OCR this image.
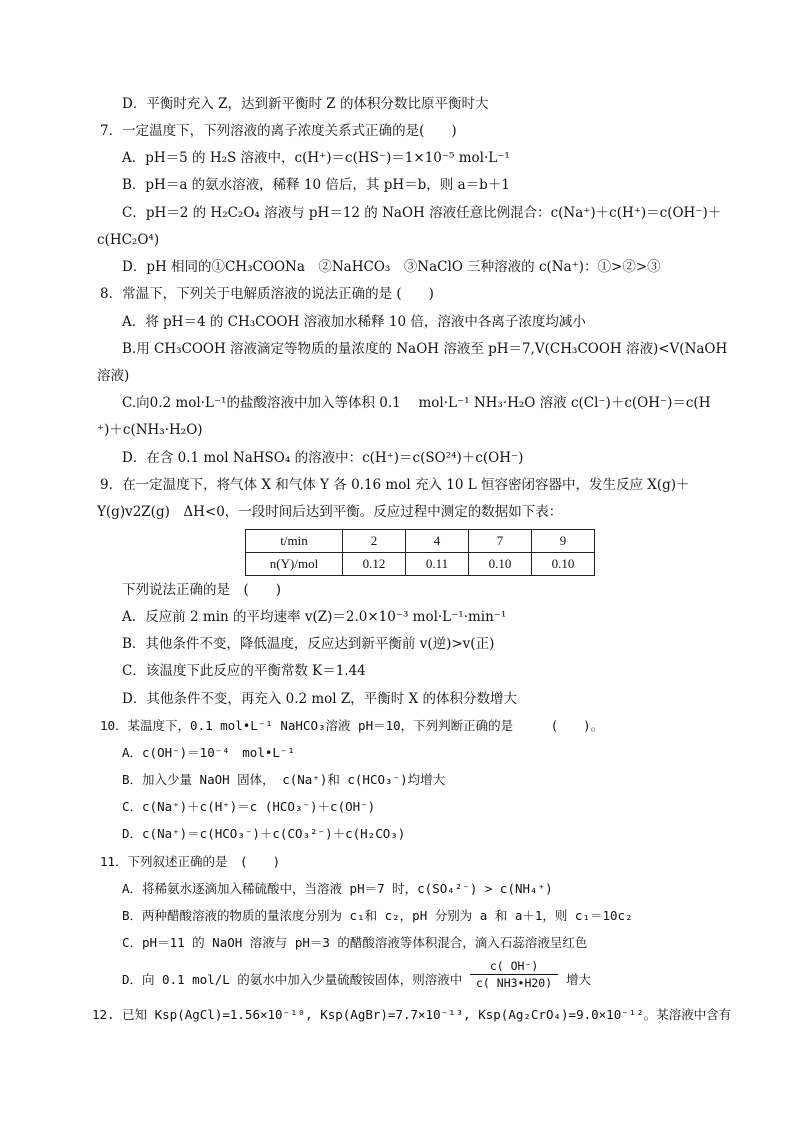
D．平衡时充入 Z，达到新平衡时 Z 的体积分数比原平衡时大
7．一定温度下，下列溶液的离子浓度关系式正确的是(　　)
A．pH＝5 的 H₂S 溶液中，c(H⁺)＝c(HS⁻)＝1×10⁻⁵ mol·L⁻¹
B．pH＝a 的氨水溶液，稀释 10 倍后，其 pH＝b，则 a＝b＋1
C．pH＝2 的 H₂C₂O₄ 溶液与 pH＝12 的 NaOH 溶液任意比例混合：c(Na⁺)＋c(H⁺)＝c(OH⁻)＋
c(HC₂O⁴)
D．pH 相同的①CH₃COONa　②NaHCO₃　③NaClO 三种溶液的 c(Na⁺)：①>②>③
8．常温下，下列关于电解质溶液的说法正确的是 (　　)
A．将 pH＝4 的 CH₃COOH 溶液加水稀释 10 倍，溶液中各离子浓度均减小
B.用 CH₃COOH 溶液滴定等物质的量浓度的 NaOH 溶液至 pH＝7,V(CH₃COOH 溶液)<V(NaOH
溶液)
C.向0.2 mol·L⁻¹的盐酸溶液中加入等体积 0.1　 mol·L⁻¹ NH₃·H₂O 溶液 c(Cl⁻)＋c(OH⁻)＝c(H
⁺)＋c(NH₃·H₂O)
D．在含 0.1 mol NaHSO₄ 的溶液中：c(H⁺)＝c(SO²⁴)＋c(OH⁻)
9．在一定温度下，将气体 X 和气体 Y 各 0.16 mol 充入 10 L 恒容密闭容器中，发生反应 X(g)＋
Y(g)v2Z(g)　ΔH<0，一段时间后达到平衡。反应过程中测定的数据如下表：
t/min	2	4	7	9
n(Y)/mol	0.12	0.11	0.10	0.10
下列说法正确的是　(　　)
A．反应前 2 min 的平均速率 v(Z)＝2.0×10⁻³ mol·L⁻¹·min⁻¹
B．其他条件不变，降低温度，反应达到新平衡前 v(逆)>v(正)
C．该温度下此反应的平衡常数 K＝1.44
D．其他条件不变，再充入 0.2 mol Z，平衡时 X 的体积分数增大
10．某温度下，0.1 mol•L⁻¹ NaHCO₃溶液 pH＝10，下列判断正确的是　　　(　　)。
A．c(OH⁻)＝10⁻⁴　mol•L⁻¹
B．加入少量 NaOH 固体， c(Na⁺)和 c(HCO₃⁻)均增大
C．c(Na⁺)＋c(H⁺)＝c (HCO₃⁻)＋c(OH⁻)
D．c(Na⁺)＝c(HCO₃⁻)＋c(CO₃²⁻)＋c(H₂CO₃)
11．下列叙述正确的是　(　　)
A．将稀氨水逐滴加入稀硫酸中，当溶液 pH＝7 时，c(SO₄²⁻) > c(NH₄⁺)
B．两种醋酸溶液的物质的量浓度分别为 c₁和 c₂，pH 分别为 a 和 a＋1，则 c₁＝10c₂
C．pH＝11 的 NaOH 溶液与 pH＝3 的醋酸溶液等体积混合，滴入石蕊溶液呈红色
D．向 0.1 mol/L 的氨水中加入少量硫酸铵固体，则溶液中 $\frac{c( OH^-)}{c( NH3•H20)}$ 增大
12. 已知 Ksp(AgCl)=1.56×10⁻¹⁰, Ksp(AgBr)=7.7×10⁻¹³, Ksp(Ag₂CrO₄)=9.0×10⁻¹²。某溶液中含有
